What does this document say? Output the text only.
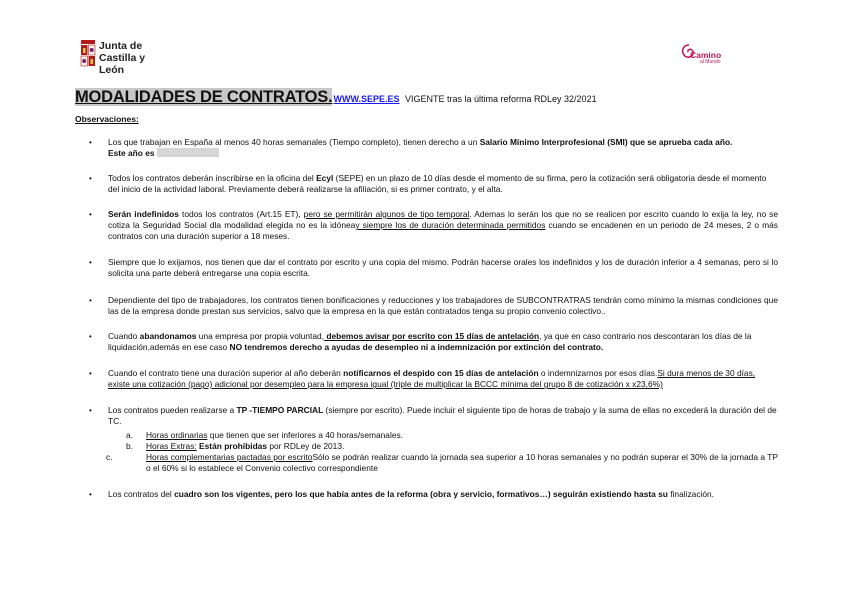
Junta de
Castilla y León
Camino
al Mundo
MODALIDADES DE CONTRATOS.WWW.SEPE.ES VIGENTE tras la última reforma RDLey 32/2021
Observaciones:
• Los que trabajan en España al menos 40 horas semanales (Tiempo completo), tienen derecho a un Salario Mínimo Interprofesional (SMI) que se aprueba cada año.
Este año es
• Todos los contratos deberán inscribirse en la oficina del Ecyl (SEPE) en un plazo de 10 días desde el momento de su firma, pero la cotización será obligatoria desde el momento del inicio de la actividad laboral. Previamente deberá realizarse la afiliación, si es primer contrato, y el alta.
• Serán indefinidos todos los contratos (Art.15 ET), pero se permitirán algunos de tipo temporal. Ademas lo serán los que no se realicen por escrito cuando lo exija la ley, no se cotiza la Seguridad Social dla modalidad elegida no es la idóneay siempre los de duración determinada permitidos cuando se encadenen en un periodo de 24 meses, 2 o más contratos con una duración superior a 18 meses.
• Siempre que lo exijamos, nos tienen que dar el contrato por escrito y una copia del mismo. Podrán hacerse orales los indefinidos y los de duración inferior a 4 semanas, pero si lo solicita una parte deberá entregarse una copia escrita.
• Dependiente del tipo de trabajadores, los contratos tienen bonificaciones y reducciones y los trabajadores de SUBCONTRATRAS tendrán como mínimo la mismas condiciones que las de la empresa donde prestan sus servicios, salvo que la empresa en la que están contratados tenga su propio convenio colectivo..
• Cuando abandonamos una empresa por propia voluntad, debemos avisar por escrito con 15 días de antelación, ya que en caso contrario nos descontaran los días de la liquidación,además en ese caso NO tendremos derecho a ayudas de desempleo ni a indemnización por extinción del contrato.
• Cuando el contrato tiene una duración superior al año deberán notificarnos el despido con 15 días de antelación o indemnizarnos por esos días.Si dura menos de 30 días, existe una cotización (pago) adicional por desempleo para la empresa igual (triple de multiplicar la BCCC mínima del grupo 8 de cotización x x23,6%)
• Los contratos pueden realizarse a TP -TIEMPO PARCIAL (siempre por escrito). Puede incluir el siguiente tipo de horas de trabajo y la suma de ellas no excederá la duración del de TC.
a. Horas ordinarias que tienen que ser inferiores a 40 horas/semanales.
b. Horas Extras: Están prohibidas por RDLey de 2013.
c.	Horas complementarias pactadas por escritoSólo se podrán realizar cuando la jornada sea superior a 10 horas semanales y no podrán superar el 30% de la jornada a TP o el 60% si lo establece el Convenio colectivo correspondiente
• Los contratos del cuadro son los vigentes, pero los que había antes de la reforma (obra y servicio, formativos…) seguirán existiendo hasta su finalización.
